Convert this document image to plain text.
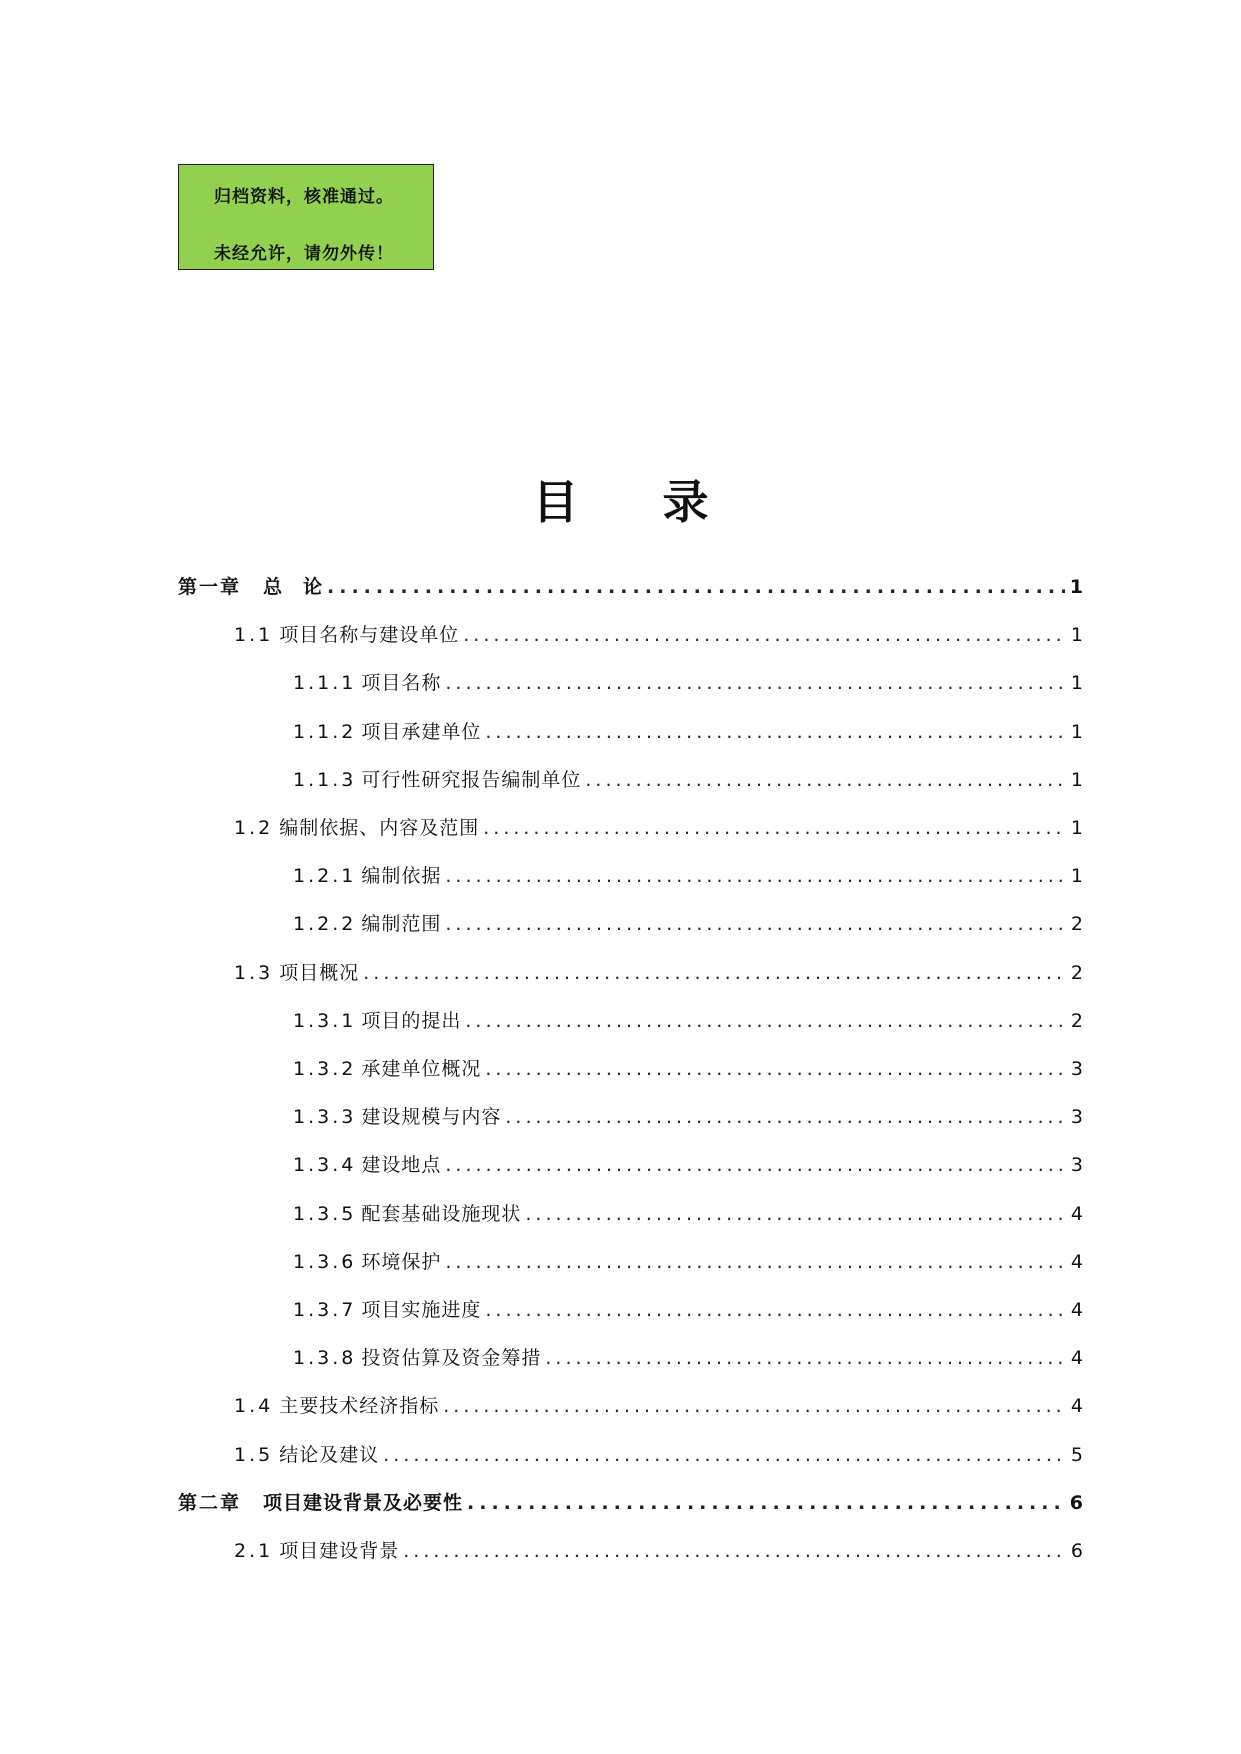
归档资料，核准通过。
未经允许，请勿外传！
目录
第一章 总　论 .....	1
1.1 项目名称与建设单位 .....	1
1.1.1 项目名称 .....	1
1.1.2 项目承建单位 .....	1
1.1.3 可行性研究报告编制单位 .....	1
1.2 编制依据、内容及范围 .....	1
1.2.1 编制依据 .....	1
1.2.2 编制范围 .....	2
1.3 项目概况 .....	2
1.3.1 项目的提出 .....	2
1.3.2 承建单位概况 .....	3
1.3.3 建设规模与内容 .....	3
1.3.4 建设地点 .....	3
1.3.5 配套基础设施现状 .....	4
1.3.6 环境保护 .....	4
1.3.7 项目实施进度 .....	4
1.3.8 投资估算及资金筹措 .....	4
1.4 主要技术经济指标 .....	4
1.5 结论及建议 .....	5
第二章 项目建设背景及必要性 .....	6
2.1 项目建设背景 .....	6
